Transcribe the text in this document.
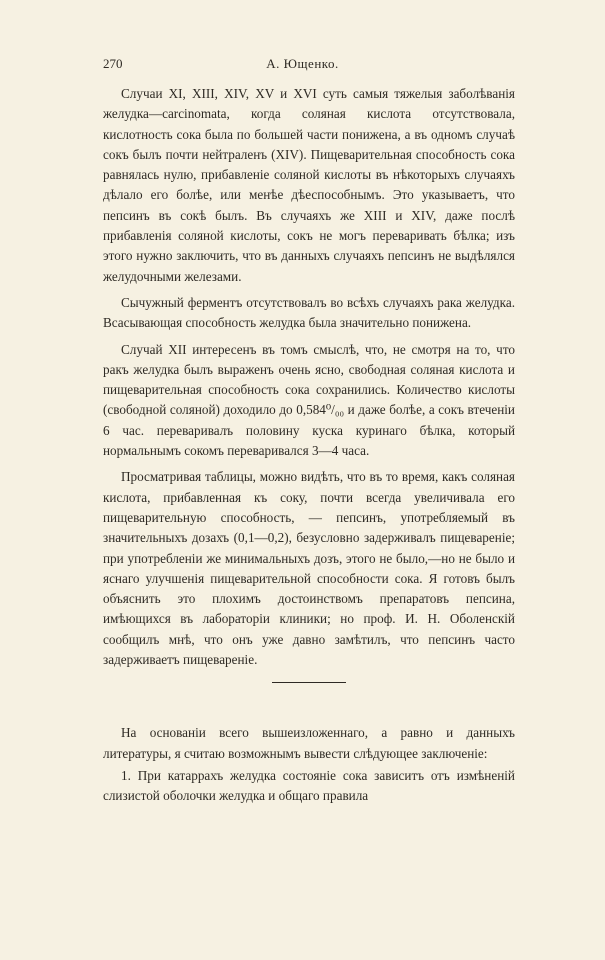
270	А. Ющенко.

Случаи XI, XIII, XIV, XV и XVI суть самыя тяжелыя заболѣванія желудка—carcinomata, когда соляная кислота отсутствовала, кислотность сока была по большей части понижена, а въ одномъ случаѣ сокъ былъ почти нейтраленъ (XIV). Пищеварительная способность сока равнялась нулю, прибавленіе соляной кислоты въ нѣкоторыхъ случаяхъ дѣлало его болѣе, или менѣе дѣеспособнымъ. Это указываетъ, что пепсинъ въ сокѣ былъ. Въ случаяхъ же XIII и XIV, даже послѣ прибавленія соляной кислоты, сокъ не могъ переваривать бѣлка; изъ этого нужно заключить, что въ данныхъ случаяхъ пепсинъ не выдѣлялся желудочными железами.

Сычужный ферментъ отсутствовалъ во всѣхъ случаяхъ рака желудка. Всасывающая способность желудка была значительно понижена.

Случай XII интересенъ въ томъ смыслѣ, что, не смотря на то, что ракъ желудка былъ выраженъ очень ясно, свободная соляная кислота и пищеварительная способность сока сохранились. Количество кислоты (свободной соляной) доходило до 0,584⁰/₀₀ и даже болѣе, а сокъ втеченіи 6 час. переваривалъ половину куска куринаго бѣлка, который нормальнымъ сокомъ переваривался 3—4 часа.

Просматривая таблицы, можно видѣть, что въ то время, какъ соляная кислота, прибавленная къ соку, почти всегда увеличивала его пищеварительную способность, — пепсинъ, употребляемый въ значительныхъ дозахъ (0,1—0,2), безусловно задерживалъ пищевареніе; при употребленіи же минимальныхъ дозъ, этого не было,—но не было и яснаго улучшенія пищеварительной способности сока. Я готовъ былъ объяснить это плохимъ достоинствомъ препаратовъ пепсина, имѣющихся въ лабораторіи клиники; но проф. И. Н. Оболенскій сообщилъ мнѣ, что онъ уже давно замѣтилъ, что пепсинъ часто задерживаетъ пищевареніе.

На основаніи всего вышеизложеннаго, а равно и данныхъ литературы, я считаю возможнымъ вывести слѣдующее заключеніе:

1. При катаррахъ желудка состояніе сока зависитъ отъ измѣненій слизистой оболочки желудка и общаго правила
